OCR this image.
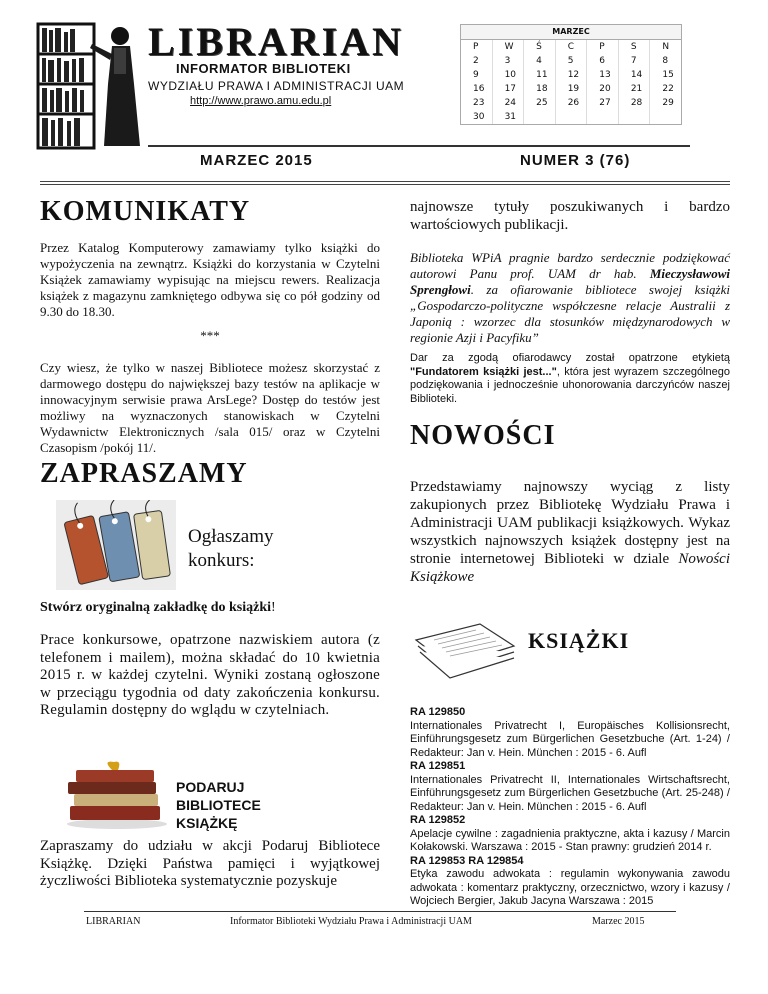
LIBRARIAN
INFORMATOR BIBLIOTEKI
WYDZIAŁU PRAWA I ADMINISTRACJI UAM
http://www.prawo.amu.edu.pl
MARZEC
P	W	Ś	C	P	S	N
2	3	4	5	6	7	8
9	10	11	12	13	14	15
16	17	18	19	20	21	22
23	24	25	26	27	28	29
30	31					
MARZEC 2015	NUMER 3 (76)
KOMUNIKATY
Przez Katalog Komputerowy zamawiamy tylko książki do wypożyczenia na zewnątrz. Książki do korzystania w Czytelni Książek zamawiamy wypisując na miejscu rewers. Realizacja książek z magazynu zamkniętego odbywa się co pół godziny od 9.30 do 18.30.
***
Czy wiesz, że tylko w naszej Bibliotece możesz skorzystać z darmowego dostępu do największej bazy testów na aplikacje w innowacyjnym serwisie prawa ArsLege? Dostęp do testów jest możliwy na wyznaczonych stanowiskach w Czytelni Wydawnictw Elektronicznych /sala 015/ oraz w Czytelni Czasopism /pokój 11/.
ZAPRASZAMY
Ogłaszamy
konkurs:
Stwórz oryginalną zakładkę do książki!
Prace konkursowe, opatrzone nazwiskiem autora (z telefonem i mailem), można składać do 10 kwietnia 2015 r. w każdej czytelni. Wyniki zostaną ogłoszone w przeciągu tygodnia od daty zakończenia konkursu. Regulamin dostępny do wglądu w czytelniach.
PODARUJ
BIBLIOTECE
KSIĄŻKĘ
Zapraszamy do udziału w akcji Podaruj Bibliotece Książkę. Dzięki Państwa pamięci i wyjątkowej życzliwości Biblioteka systematycznie pozyskuje
najnowsze tytuły poszukiwanych i bardzo wartościowych publikacji.
Biblioteka WPiA pragnie bardzo serdecznie podziękować autorowi Panu prof. UAM dr hab. Mieczysławowi Sprengłowi. za ofiarowanie bibliotece swojej książki „Gospodarczo-polityczne współczesne relacje Australii z Japonią : wzorzec dla stosunków międzynarodowych w regionie Azji i Pacyfiku”
Dar za zgodą ofiarodawcy został opatrzone etykietą "Fundatorem książki jest...", która jest wyrazem szczególnego podziękowania i jednocześnie uhonorowania darczyńców naszej Biblioteki.
NOWOŚCI
Przedstawiamy najnowszy wyciąg z listy zakupionych przez Bibliotekę Wydziału Prawa i Administracji UAM publikacji książkowych. Wykaz wszystkich najnowszych książek dostępny jest na stronie internetowej Biblioteki w dziale Nowości Książkowe
KSIĄŻKI
RA 129850
Internationales Privatrecht I, Europäisches Kollisionsrecht, Einführungsgesetz zum Bürgerlichen Gesetzbuche (Art. 1-24) / Redakteur: Jan v. Hein. München : 2015 - 6. Aufl
RA 129851
Internationales Privatrecht II, Internationales Wirtschaftsrecht, Einführungsgesetz zum Bürgerlichen Gesetzbuche (Art. 25-248) / Redakteur: Jan v. Hein. München : 2015 - 6. Aufl
RA 129852
Apelacje cywilne : zagadnienia praktyczne, akta i kazusy / Marcin Kołakowski. Warszawa : 2015 - Stan prawny: grudzień 2014 r.
RA 129853 RA 129854
Etyka zawodu adwokata : regulamin wykonywania zawodu adwokata : komentarz praktyczny, orzecznictwo, wzory i kazusy / Wojciech Bergier, Jakub Jacyna Warszawa : 2015
LIBRARIAN	Informator Biblioteki Wydziału Prawa i Administracji UAM	Marzec 2015
